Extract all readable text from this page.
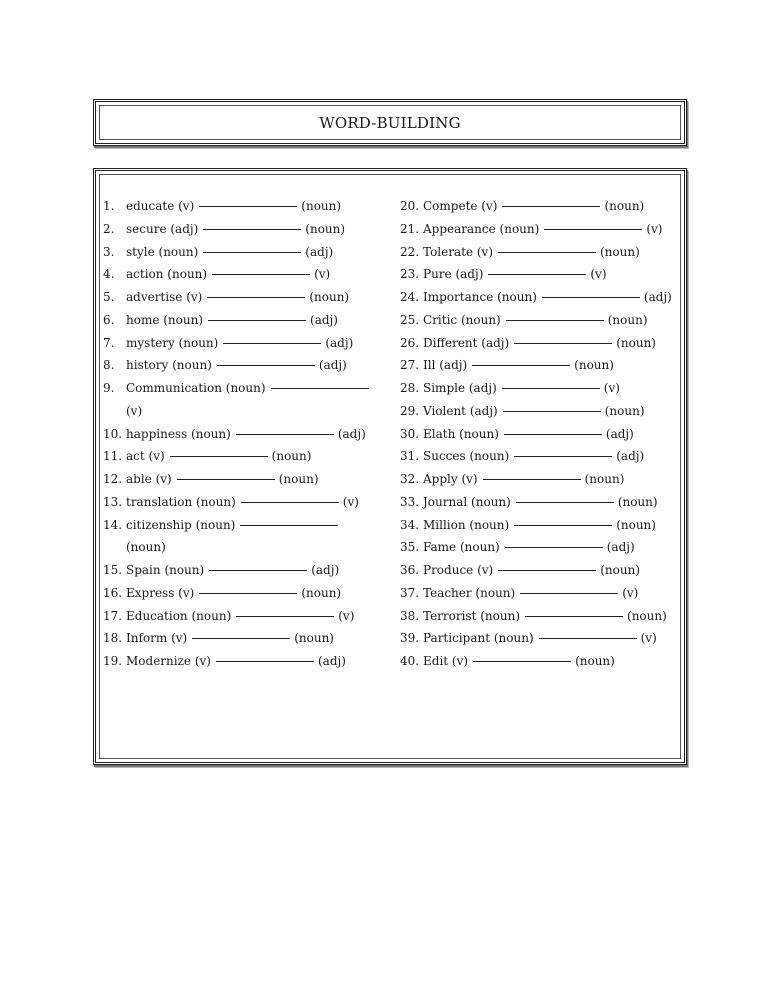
WORD-BUILDING
1. educate (v)	(noun)
2. secure (adj)	(noun)
3. style (noun)	(adj)
4. action (noun)	(v)
5. advertise (v)	(noun)
6. home (noun)	(adj)
7. mystery (noun)	(adj)
8. history (noun)	(adj)
9. Communication (noun)
(v)
10. happiness (noun)	(adj)
11. act (v)	(noun)
12. able (v)	(noun)
13. translation (noun)	(v)
14. citizenship (noun)
(noun)
15. Spain (noun)	(adj)
16. Express (v)	(noun)
17. Education (noun)	(v)
18. Inform (v)	(noun)
19. Modernize (v)	(adj)
20. Compete (v)	(noun)
21. Appearance (noun)	(v)
22. Tolerate (v)	(noun)
23. Pure (adj)	(v)
24. Importance (noun)	(adj)
25. Critic (noun)	(noun)
26. Different (adj)	(noun)
27. Ill (adj)	(noun)
28. Simple (adj)	(v)
29. Violent (adj)	(noun)
30. Elath (noun)	(adj)
31. Succes (noun)	(adj)
32. Apply (v)	(noun)
33. Journal (noun)	(noun)
34. Million (noun)	(noun)
35. Fame (noun)	(adj)
36. Produce (v)	(noun)
37. Teacher (noun)	(v)
38. Terrorist (noun)	(noun)
39. Participant (noun)	(v)
40. Edit (v)	(noun)
